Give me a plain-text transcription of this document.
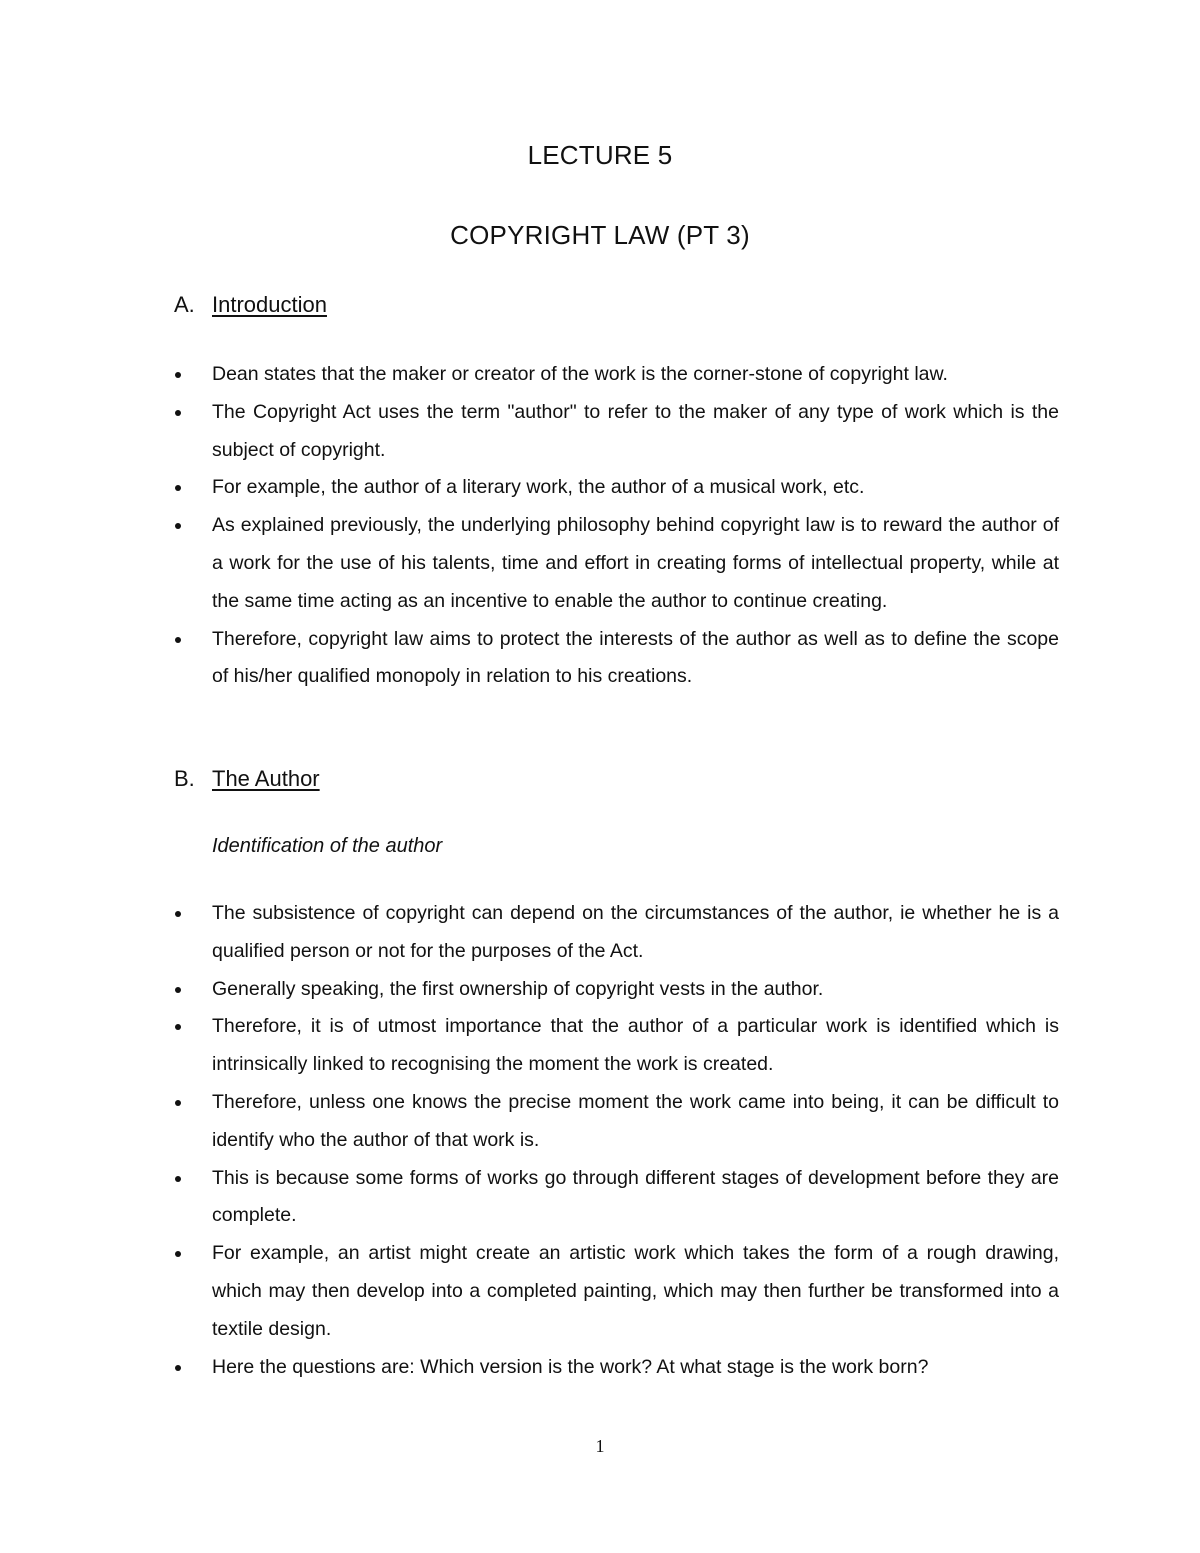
LECTURE 5
COPYRIGHT LAW (PT 3)
A. Introduction
Dean states that the maker or creator of the work is the corner-stone of copyright law.
The Copyright Act uses the term "author" to refer to the maker of any type of work which is the subject of copyright.
For example, the author of a literary work, the author of a musical work, etc.
As explained previously, the underlying philosophy behind copyright law is to reward the author of a work for the use of his talents, time and effort in creating forms of intellectual property, while at the same time acting as an incentive to enable the author to continue creating.
Therefore, copyright law aims to protect the interests of the author as well as to define the scope of his/her qualified monopoly in relation to his creations.
B. The Author
Identification of the author
The subsistence of copyright can depend on the circumstances of the author, ie whether he is a qualified person or not for the purposes of the Act.
Generally speaking, the first ownership of copyright vests in the author.
Therefore, it is of utmost importance that the author of a particular work is identified which is intrinsically linked to recognising the moment the work is created.
Therefore, unless one knows the precise moment the work came into being, it can be difficult to identify who the author of that work is.
This is because some forms of works go through different stages of development before they are complete.
For example, an artist might create an artistic work which takes the form of a rough drawing, which may then develop into a completed painting, which may then further be transformed into a textile design.
Here the questions are: Which version is the work? At what stage is the work born?
1
